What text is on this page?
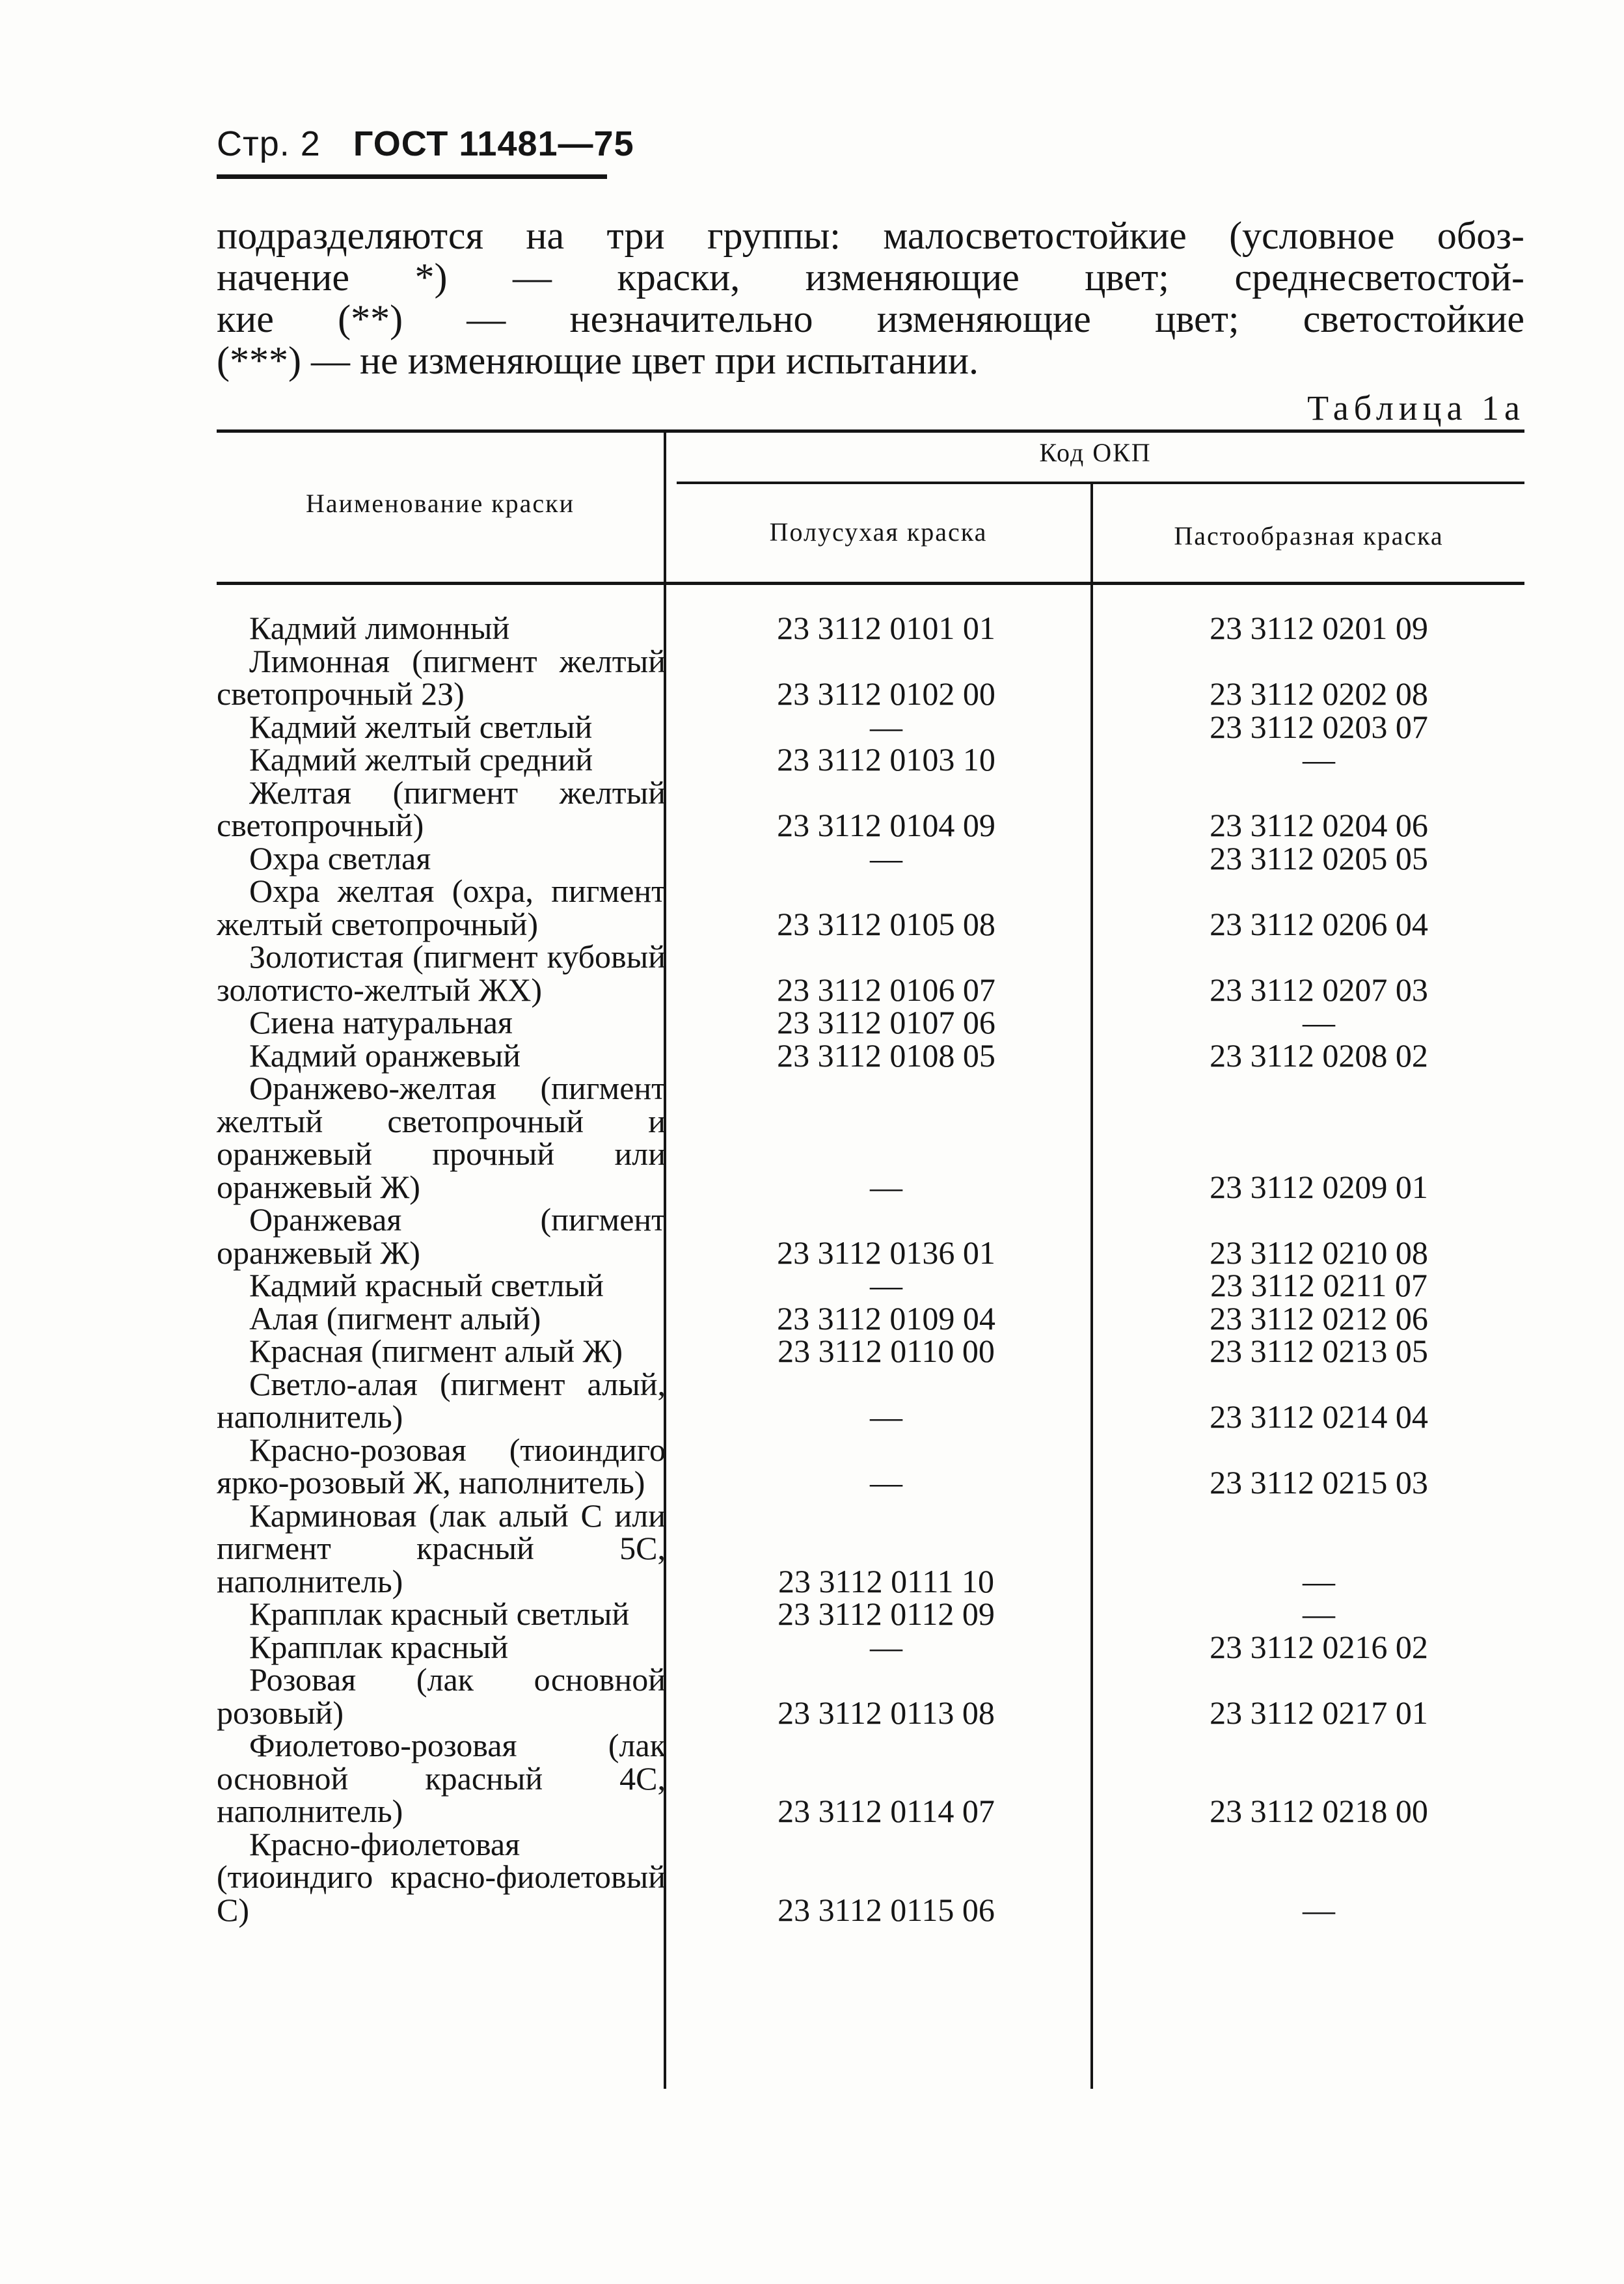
Стр. 2 ГОСТ 11481—75
подразделяются на три группы: малосветостойкие (условное обоз-
начение *) — краски, изменяющие цвет; среднесветостой-
кие (**) — незначительно изменяющие цвет; светостойкие
(***) — не изменяющие цвет при испытании.
Таблица 1а
Наименование краски
Код ОКП
Полусухая краска	Пастообразная краска
Кадмий лимонный	23 3112 0101 01	23 3112 0201 09
Лимонная (пигмент желтый светопрочный 2З)	23 3112 0102 00	23 3112 0202 08
Кадмий желтый светлый	—	23 3112 0203 07
Кадмий желтый средний	23 3112 0103 10	—
Желтая (пигмент желтый светопрочный)	23 3112 0104 09	23 3112 0204 06
Охра светлая	—	23 3112 0205 05
Охра желтая (охра, пигмент желтый светопрочный)	23 3112 0105 08	23 3112 0206 04
Золотистая (пигмент кубовый золотисто-желтый ЖХ)	23 3112 0106 07	23 3112 0207 03
Сиена натуральная	23 3112 0107 06	—
Кадмий оранжевый	23 3112 0108 05	23 3112 0208 02
Оранжево-желтая (пигмент желтый светопрочный и оранжевый прочный или оранжевый Ж)	—	23 3112 0209 01
Оранжевая (пигмент оранжевый Ж)	23 3112 0136 01	23 3112 0210 08
Кадмий красный светлый	—	23 3112 0211 07
Алая (пигмент алый)	23 3112 0109 04	23 3112 0212 06
Красная (пигмент алый Ж)	23 3112 0110 00	23 3112 0213 05
Светло-алая (пигмент алый, наполнитель)	—	23 3112 0214 04
Красно-розовая (тиоиндиго ярко-розовый Ж, наполнитель)	—	23 3112 0215 03
Карминовая (лак алый С или пигмент красный 5С, наполнитель)	23 3112 0111 10	—
Крапплак красный светлый	23 3112 0112 09	—
Крапплак красный	—	23 3112 0216 02
Розовая (лак основной розовый)	23 3112 0113 08	23 3112 0217 01
Фиолетово-розовая (лак основной красный 4С, наполнитель)	23 3112 0114 07	23 3112 0218 00
Красно-фиолетовая (тиоиндиго красно-фиолетовый С)	23 3112 0115 06	—
